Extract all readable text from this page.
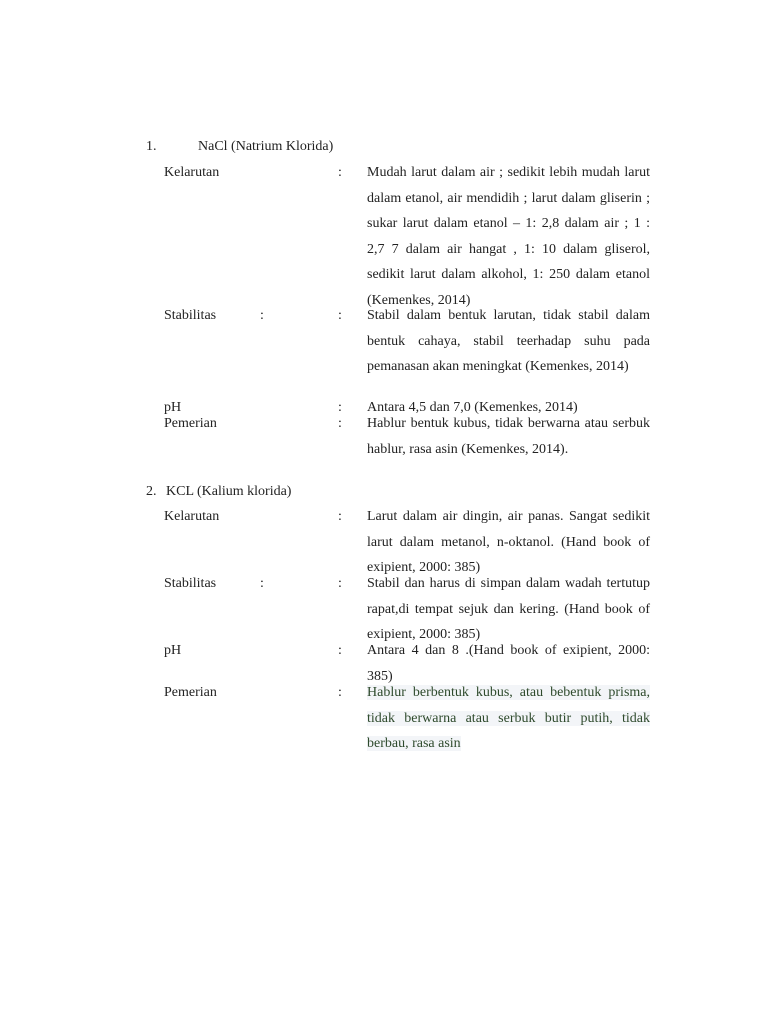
1.	NaCl (Natrium Klorida)
Kelarutan	: Mudah larut dalam air ; sedikit lebih mudah larut dalam etanol, air mendidih ; larut dalam gliserin ; sukar larut dalam etanol – 1: 2,8 dalam air ; 1 : 2,7 7 dalam air hangat , 1: 10 dalam gliserol, sedikit larut dalam alkohol, 1: 250 dalam etanol (Kemenkes, 2014)
Stabilitas	:	: Stabil dalam bentuk larutan, tidak stabil dalam bentuk cahaya, stabil teerhadap suhu pada pemanasan akan meningkat (Kemenkes, 2014)
pH	: Antara 4,5 dan 7,0 (Kemenkes, 2014)
Pemerian	: Hablur bentuk kubus, tidak berwarna atau serbuk hablur, rasa asin (Kemenkes, 2014).
2. KCL (Kalium klorida)
Kelarutan	: Larut dalam air dingin, air panas. Sangat sedikit larut dalam metanol, n-oktanol. (Hand book of exipient, 2000: 385)
Stabilitas	:	: Stabil dan harus di simpan dalam wadah tertutup rapat,di tempat sejuk dan kering. (Hand book of exipient, 2000: 385)
pH	: Antara 4 dan 8 .(Hand book of exipient, 2000: 385)
Pemerian	: Hablur berbentuk kubus, atau bebentuk prisma, tidak berwarna atau serbuk butir putih, tidak berbau, rasa asin
